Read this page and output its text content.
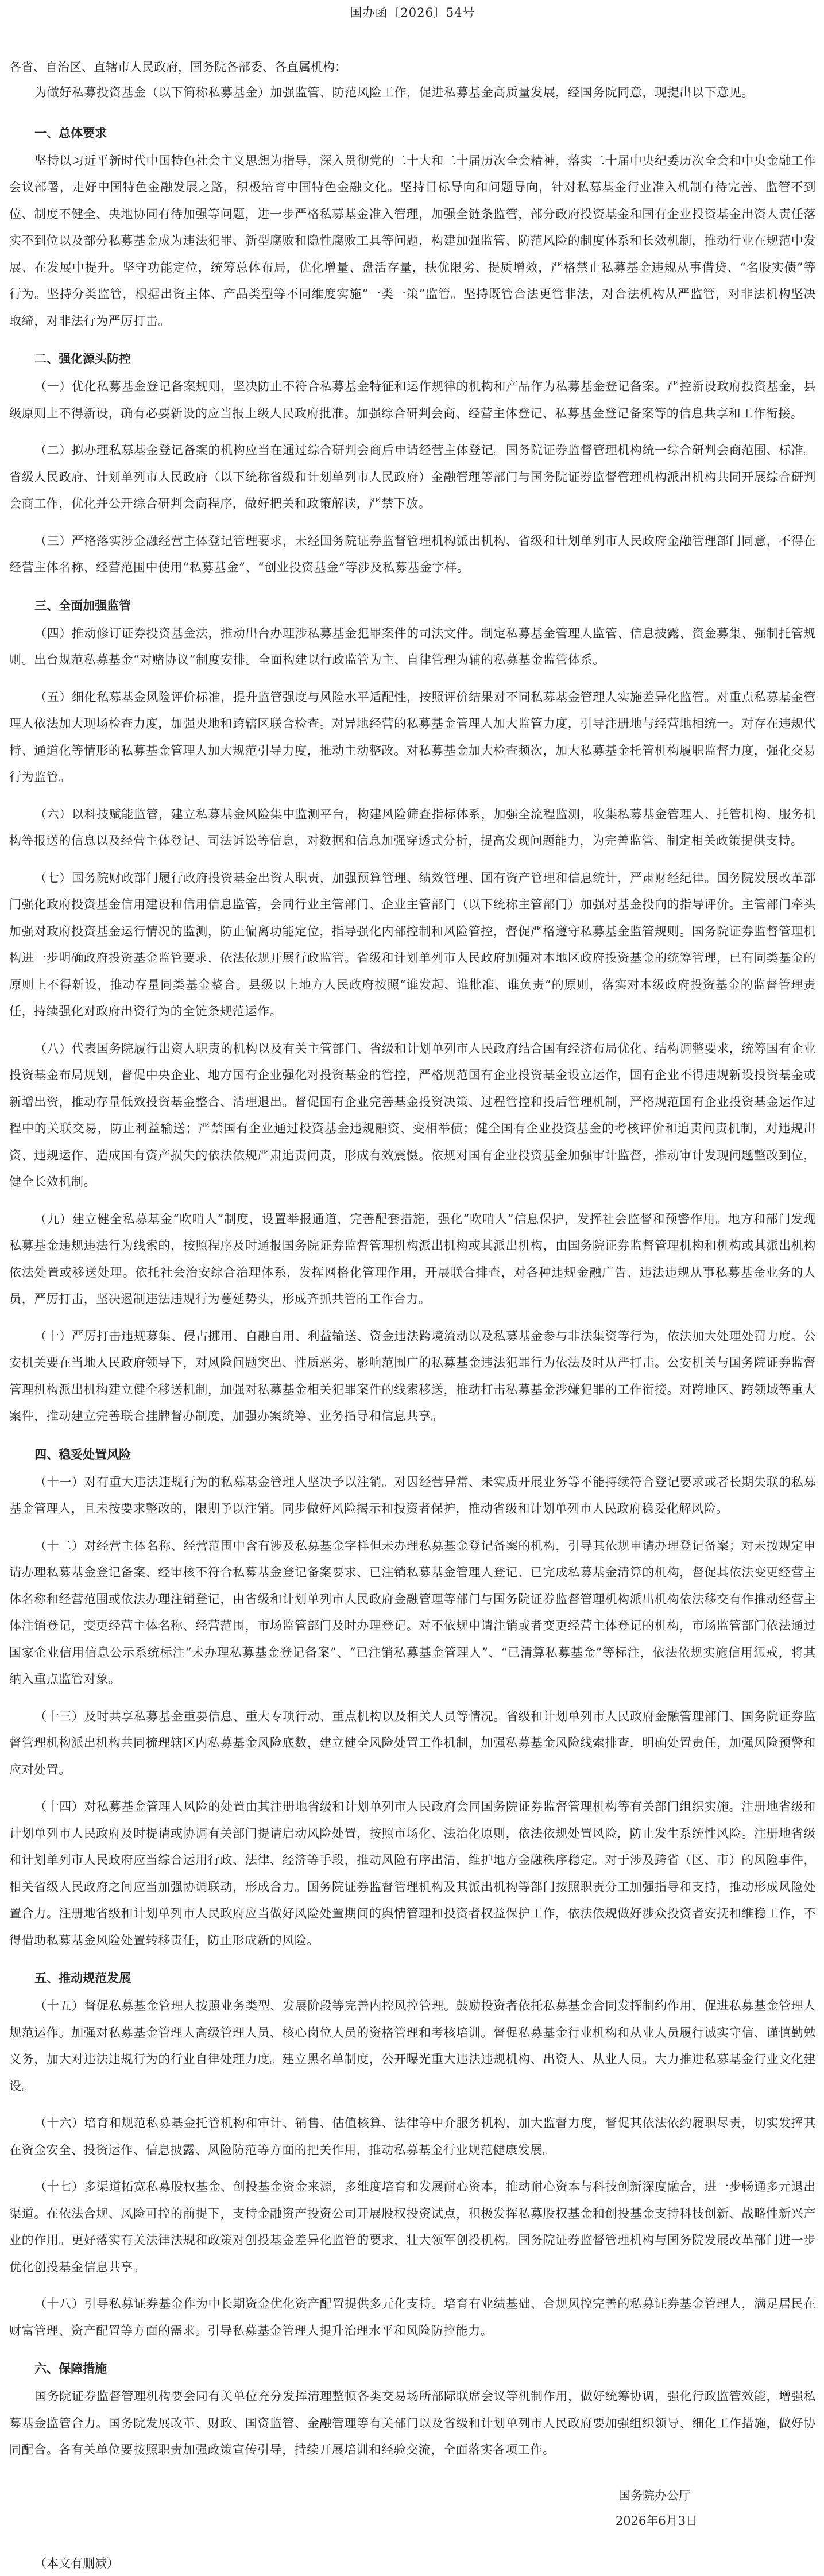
国办函〔2026〕54号
各省、自治区、直辖市人民政府，国务院各部委、各直属机构：

为做好私募投资基金（以下简称私募基金）加强监管、防范风险工作，促进私募基金高质量发展，经国务院同意，现提出以下意见。

一、总体要求

坚持以习近平新时代中国特色社会主义思想为指导，深入贯彻党的二十大和二十届历次全会精神，落实二十届中央纪委历次全会和中央金融工作会议部署，走好中国特色金融发展之路，积极培育中国特色金融文化。坚持目标导向和问题导向，针对私募基金行业准入机制有待完善、监管不到位、制度不健全、央地协同有待加强等问题，进一步严格私募基金准入管理，加强全链条监管，部分政府投资基金和国有企业投资基金出资人责任落实不到位以及部分私募基金成为违法犯罪、新型腐败和隐性腐败工具等问题，构建加强监管、防范风险的制度体系和长效机制，推动行业在规范中发展、在发展中提升。坚守功能定位，统筹总体布局，优化增量、盘活存量，扶优限劣、提质增效，严格禁止私募基金违规从事借贷、“名股实债”等行为。坚持分类监管，根据出资主体、产品类型等不同维度实施“一类一策”监管。坚持既管合法更管非法，对合法机构从严监管，对非法机构坚决取缔，对非法行为严厉打击。

二、强化源头防控

（一）优化私募基金登记备案规则，坚决防止不符合私募基金特征和运作规律的机构和产品作为私募基金登记备案。严控新设政府投资基金，县级原则上不得新设，确有必要新设的应当报上级人民政府批准。加强综合研判会商、经营主体登记、私募基金登记备案等的信息共享和工作衔接。

（二）拟办理私募基金登记备案的机构应当在通过综合研判会商后申请经营主体登记。国务院证券监督管理机构统一综合研判会商范围、标准。省级人民政府、计划单列市人民政府（以下统称省级和计划单列市人民政府）金融管理等部门与国务院证券监督管理机构派出机构共同开展综合研判会商工作，优化并公开综合研判会商程序，做好把关和政策解读，严禁下放。

（三）严格落实涉金融经营主体登记管理要求，未经国务院证券监督管理机构派出机构、省级和计划单列市人民政府金融管理部门同意，不得在经营主体名称、经营范围中使用“私募基金”、“创业投资基金”等涉及私募基金字样。

三、全面加强监管

（四）推动修订证券投资基金法，推动出台办理涉私募基金犯罪案件的司法文件。制定私募基金管理人监管、信息披露、资金募集、强制托管规则。出台规范私募基金“对赌协议”制度安排。全面构建以行政监管为主、自律管理为辅的私募基金监管体系。

（五）细化私募基金风险评价标准，提升监管强度与风险水平适配性，按照评价结果对不同私募基金管理人实施差异化监管。对重点私募基金管理人依法加大现场检查力度，加强央地和跨辖区联合检查。对异地经营的私募基金管理人加大监管力度，引导注册地与经营地相统一。对存在违规代持、通道化等情形的私募基金管理人加大规范引导力度，推动主动整改。对私募基金加大检查频次，加大私募基金托管机构履职监督力度，强化交易行为监管。

（六）以科技赋能监管，建立私募基金风险集中监测平台，构建风险筛查指标体系，加强全流程监测，收集私募基金管理人、托管机构、服务机构等报送的信息以及经营主体登记、司法诉讼等信息，对数据和信息加强穿透式分析，提高发现问题能力，为完善监管、制定相关政策提供支持。

（七）国务院财政部门履行政府投资基金出资人职责，加强预算管理、绩效管理、国有资产管理和信息统计，严肃财经纪律。国务院发展改革部门强化政府投资基金信用建设和信用信息监管，会同行业主管部门、企业主管部门（以下统称主管部门）加强对基金投向的指导评价。主管部门牵头加强对政府投资基金运行情况的监测，防止偏离功能定位，指导强化内部控制和风险管控，督促严格遵守私募基金监管规则。国务院证券监督管理机构进一步明确政府投资基金监管要求，依法依规开展行政监管。省级和计划单列市人民政府加强对本地区政府投资基金的统筹管理，已有同类基金的原则上不得新设，推动存量同类基金整合。县级以上地方人民政府按照“谁发起、谁批准、谁负责”的原则，落实对本级政府投资基金的监督管理责任，持续强化对政府出资行为的全链条规范运作。

（八）代表国务院履行出资人职责的机构以及有关主管部门、省级和计划单列市人民政府结合国有经济布局优化、结构调整要求，统筹国有企业投资基金布局规划，督促中央企业、地方国有企业强化对投资基金的管控，严格规范国有企业投资基金设立运作，国有企业不得违规新设投资基金或新增出资，推动存量低效投资基金整合、清理退出。督促国有企业完善基金投资决策、过程管控和投后管理机制，严格规范国有企业投资基金运作过程中的关联交易，防止利益输送；严禁国有企业通过投资基金违规融资、变相举债；健全国有企业投资基金的考核评价和追责问责机制，对违规出资、违规运作、造成国有资产损失的依法依规严肃追责问责，形成有效震慑。依规对国有企业投资基金加强审计监督，推动审计发现问题整改到位，健全长效机制。

（九）建立健全私募基金“吹哨人”制度，设置举报通道，完善配套措施，强化“吹哨人”信息保护，发挥社会监督和预警作用。地方和部门发现私募基金违规违法行为线索的，按照程序及时通报国务院证券监督管理机构派出机构或其派出机构，由国务院证券监督管理机构和机构或其派出机构依法处置或移送处理。依托社会治安综合治理体系，发挥网格化管理作用，开展联合排查，对各种违规金融广告、违法违规从事私募基金业务的人员，严厉打击，坚决遏制违法违规行为蔓延势头，形成齐抓共管的工作合力。

（十）严厉打击违规募集、侵占挪用、自融自用、利益输送、资金违法跨境流动以及私募基金参与非法集资等行为，依法加大处理处罚力度。公安机关要在当地人民政府领导下，对风险问题突出、性质恶劣、影响范围广的私募基金违法犯罪行为依法及时从严打击。公安机关与国务院证券监督管理机构派出机构建立健全移送机制，加强对私募基金相关犯罪案件的线索移送，推动打击私募基金涉嫌犯罪的工作衔接。对跨地区、跨领域等重大案件，推动建立完善联合挂牌督办制度，加强办案统筹、业务指导和信息共享。

四、稳妥处置风险

（十一）对有重大违法违规行为的私募基金管理人坚决予以注销。对因经营异常、未实质开展业务等不能持续符合登记要求或者长期失联的私募基金管理人，且未按要求整改的，限期予以注销。同步做好风险揭示和投资者保护，推动省级和计划单列市人民政府稳妥化解风险。

（十二）对经营主体名称、经营范围中含有涉及私募基金字样但未办理私募基金登记备案的机构，引导其依规申请办理登记备案；对未按规定申请办理私募基金登记备案、经审核不符合私募基金登记备案要求、已注销私募基金管理人登记、已完成私募基金清算的机构，督促其依法变更经营主体名称和经营范围或依法办理注销登记，由省级和计划单列市人民政府金融管理等部门与国务院证券监督管理机构派出机构依法移交有作推动经营主体注销登记，变更经营主体名称、经营范围，市场监管部门及时办理登记。对不依规申请注销或者变更经营主体登记的机构，市场监管部门依法通过国家企业信用信息公示系统标注“未办理私募基金登记备案”、“已注销私募基金管理人”、“已清算私募基金”等标注，依法依规实施信用惩戒，将其纳入重点监管对象。

（十三）及时共享私募基金重要信息、重大专项行动、重点机构以及相关人员等情况。省级和计划单列市人民政府金融管理部门、国务院证券监督管理机构派出机构共同梳理辖区内私募基金风险底数，建立健全风险处置工作机制，加强私募基金风险线索排查，明确处置责任，加强风险预警和应对处置。

（十四）对私募基金管理人风险的处置由其注册地省级和计划单列市人民政府会同国务院证券监督管理机构等有关部门组织实施。注册地省级和计划单列市人民政府及时提请或协调有关部门提请启动风险处置，按照市场化、法治化原则，依法依规处置风险，防止发生系统性风险。注册地省级和计划单列市人民政府应当综合运用行政、法律、经济等手段，推动风险有序出清，维护地方金融秩序稳定。对于涉及跨省（区、市）的风险事件，相关省级人民政府之间应当加强协调联动，形成合力。国务院证券监督管理机构及其派出机构等部门按照职责分工加强指导和支持，推动形成风险处置合力。注册地省级和计划单列市人民政府应当做好风险处置期间的舆情管理和投资者权益保护工作，依法依规做好涉众投资者安抚和维稳工作，不得借助私募基金风险处置转移责任，防止形成新的风险。

五、推动规范发展

（十五）督促私募基金管理人按照业务类型、发展阶段等完善内控风控管理。鼓励投资者依托私募基金合同发挥制约作用，促进私募基金管理人规范运作。加强对私募基金管理人高级管理人员、核心岗位人员的资格管理和考核培训。督促私募基金行业机构和从业人员履行诚实守信、谨慎勤勉义务，加大对违法违规行为的行业自律处理力度。建立黑名单制度，公开曝光重大违法违规机构、出资人、从业人员。大力推进私募基金行业文化建设。

（十六）培育和规范私募基金托管机构和审计、销售、估值核算、法律等中介服务机构，加大监督力度，督促其依法依约履职尽责，切实发挥其在资金安全、投资运作、信息披露、风险防范等方面的把关作用，推动私募基金行业规范健康发展。

（十七）多渠道拓宽私募股权基金、创投基金资金来源，多维度培育和发展耐心资本，推动耐心资本与科技创新深度融合，进一步畅通多元退出渠道。在依法合规、风险可控的前提下，支持金融资产投资公司开展股权投资试点，积极发挥私募股权基金和创投基金支持科技创新、战略性新兴产业的作用。更好落实有关法律法规和政策对创投基金差异化监管的要求，壮大领军创投机构。国务院证券监督管理机构与国务院发展改革部门进一步优化创投基金信息共享。

（十八）引导私募证券基金作为中长期资金优化资产配置提供多元化支持。培育有业绩基础、合规风控完善的私募证券基金管理人，满足居民在财富管理、资产配置等方面的需求。引导私募基金管理人提升治理水平和风险防控能力。

六、保障措施

国务院证券监督管理机构要会同有关单位充分发挥清理整顿各类交易场所部际联席会议等机制作用，做好统筹协调，强化行政监管效能，增强私募基金监管合力。国务院发展改革、财政、国资监管、金融管理等有关部门以及省级和计划单列市人民政府要加强组织领导、细化工作措施，做好协同配合。各有关单位要按照职责加强政策宣传引导，持续开展培训和经验交流，全面落实各项工作。

国务院办公厅
2026年6月3日
（本文有删减）
